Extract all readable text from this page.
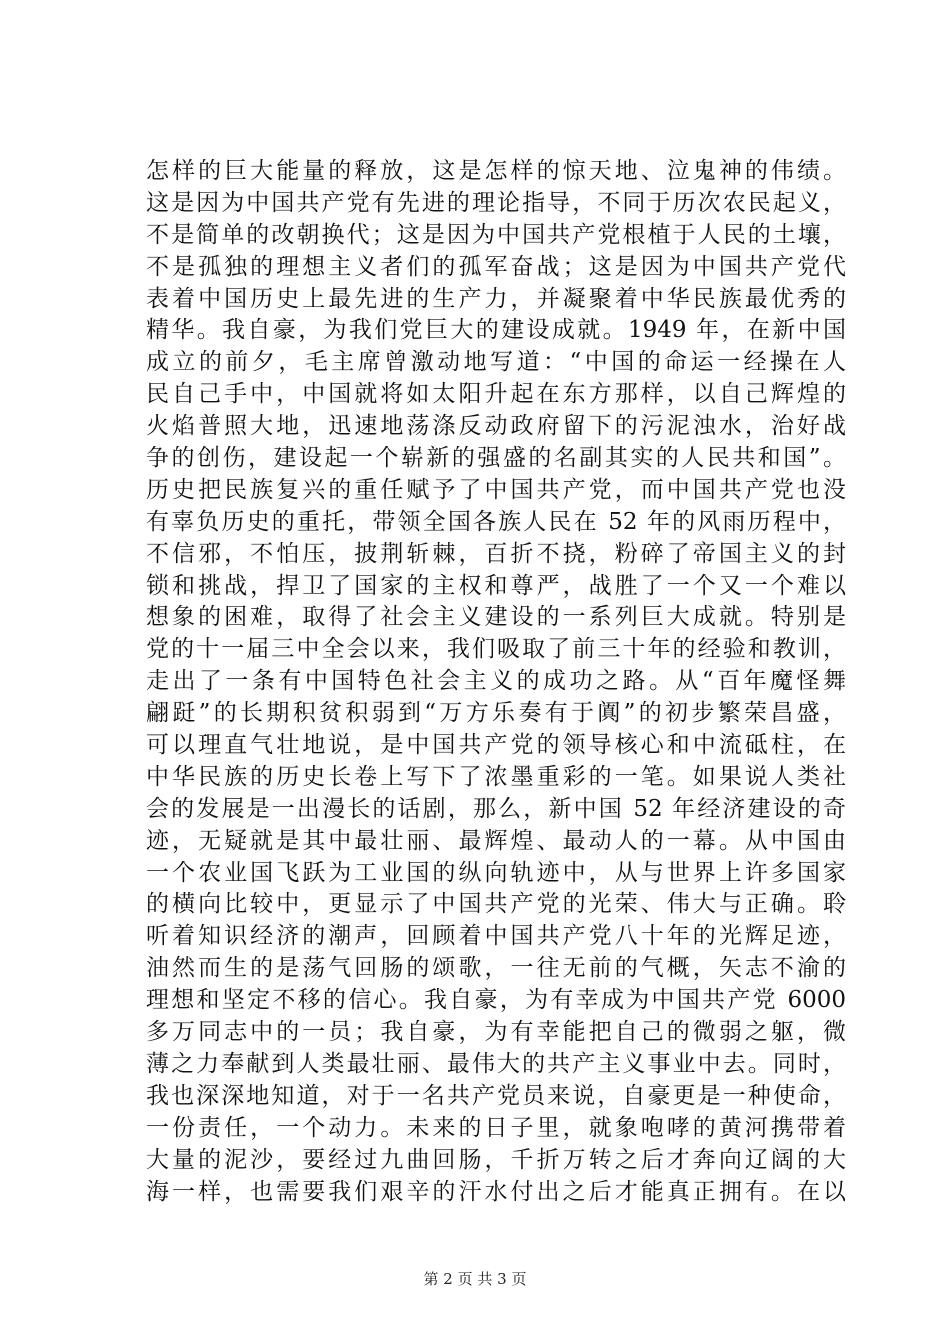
怎样的巨大能量的释放，这是怎样的惊天地、泣鬼神的伟绩。
这是因为中国共产党有先进的理论指导，不同于历次农民起义，
不是简单的改朝换代；这是因为中国共产党根植于人民的土壤，
不是孤独的理想主义者们的孤军奋战；这是因为中国共产党代
表着中国历史上最先进的生产力，并凝聚着中华民族最优秀的
精华。我自豪，为我们党巨大的建设成就。1949 年，在新中国
成立的前夕，毛主席曾激动地写道：“中国的命运一经操在人
民自己手中，中国就将如太阳升起在东方那样，以自己辉煌的
火焰普照大地，迅速地荡涤反动政府留下的污泥浊水，治好战
争的创伤，建设起一个崭新的强盛的名副其实的人民共和国”。
历史把民族复兴的重任赋予了中国共产党，而中国共产党也没
有辜负历史的重托，带领全国各族人民在 52 年的风雨历程中，
不信邪，不怕压，披荆斩棘，百折不挠，粉碎了帝国主义的封
锁和挑战，捍卫了国家的主权和尊严，战胜了一个又一个难以
想象的困难，取得了社会主义建设的一系列巨大成就。特别是
党的十一届三中全会以来，我们吸取了前三十年的经验和教训，
走出了一条有中国特色社会主义的成功之路。从“百年魔怪舞
翩跹”的长期积贫积弱到“万方乐奏有于阗”的初步繁荣昌盛，
可以理直气壮地说，是中国共产党的领导核心和中流砥柱，在
中华民族的历史长卷上写下了浓墨重彩的一笔。如果说人类社
会的发展是一出漫长的话剧，那么，新中国 52 年经济建设的奇
迹，无疑就是其中最壮丽、最辉煌、最动人的一幕。从中国由
一个农业国飞跃为工业国的纵向轨迹中，从与世界上许多国家
的横向比较中，更显示了中国共产党的光荣、伟大与正确。聆
听着知识经济的潮声，回顾着中国共产党八十年的光辉足迹，
油然而生的是荡气回肠的颂歌，一往无前的气概，矢志不渝的
理想和坚定不移的信心。我自豪，为有幸成为中国共产党 6000
多万同志中的一员；我自豪，为有幸能把自己的微弱之躯，微
薄之力奉献到人类最壮丽、最伟大的共产主义事业中去。同时，
我也深深地知道，对于一名共产党员来说，自豪更是一种使命，
一份责任，一个动力。未来的日子里，就象咆哮的黄河携带着
大量的泥沙，要经过九曲回肠，千折万转之后才奔向辽阔的大
海一样，也需要我们艰辛的汗水付出之后才能真正拥有。在以
第 2 页 共 3 页
